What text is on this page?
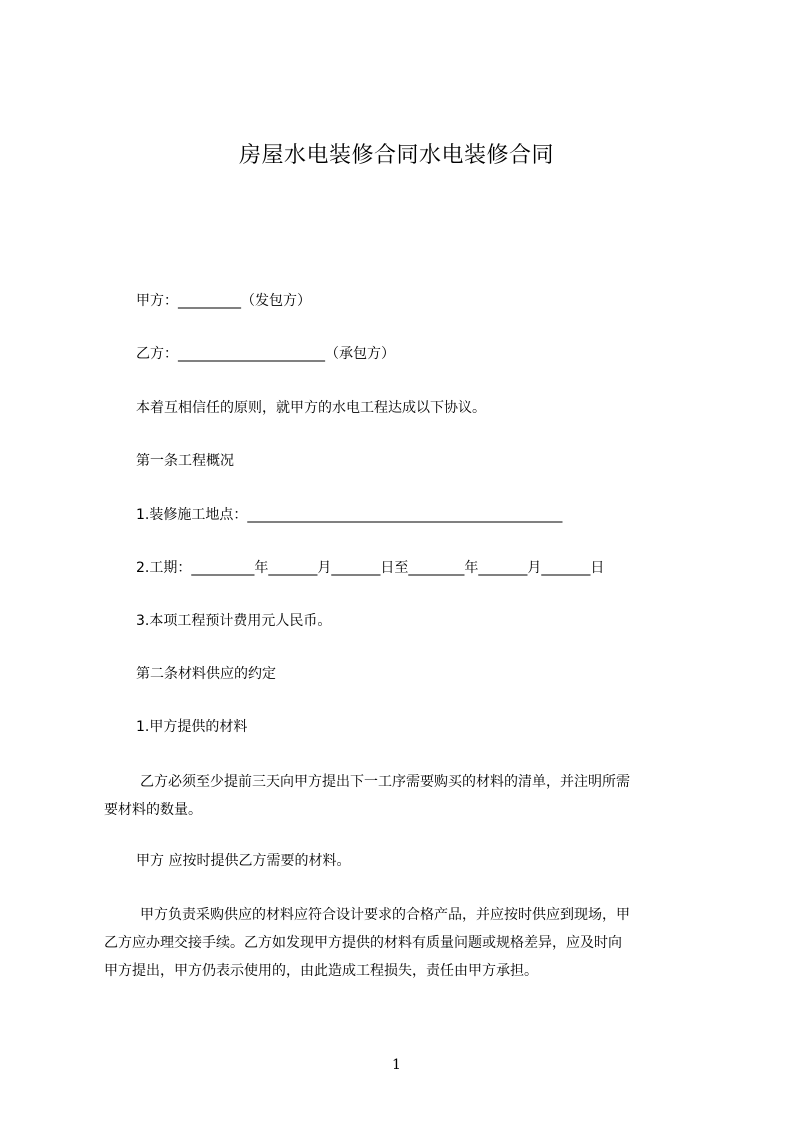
房屋水电装修合同水电装修合同
甲方：_________（发包方）
乙方：_____________________（承包方）
本着互相信任的原则，就甲方的水电工程达成以下协议。
第一条工程概况
1.装修施工地点：_____________________________________________
2.工期：_________年_______月_______日至________年_______月_______日
3.本项工程预计费用元人民币。
第二条材料供应的约定
1.甲方提供的材料
乙方必须至少提前三天向甲方提出下一工序需要购买的材料的清单，并注明所需
要材料的数量。
甲方 应按时提供乙方需要的材料。
甲方负责采购供应的材料应符合设计要求的合格产品，并应按时供应到现场，甲
乙方应办理交接手续。乙方如发现甲方提供的材料有质量问题或规格差异，应及时向
甲方提出，甲方仍表示使用的，由此造成工程损失，责任由甲方承担。
1
